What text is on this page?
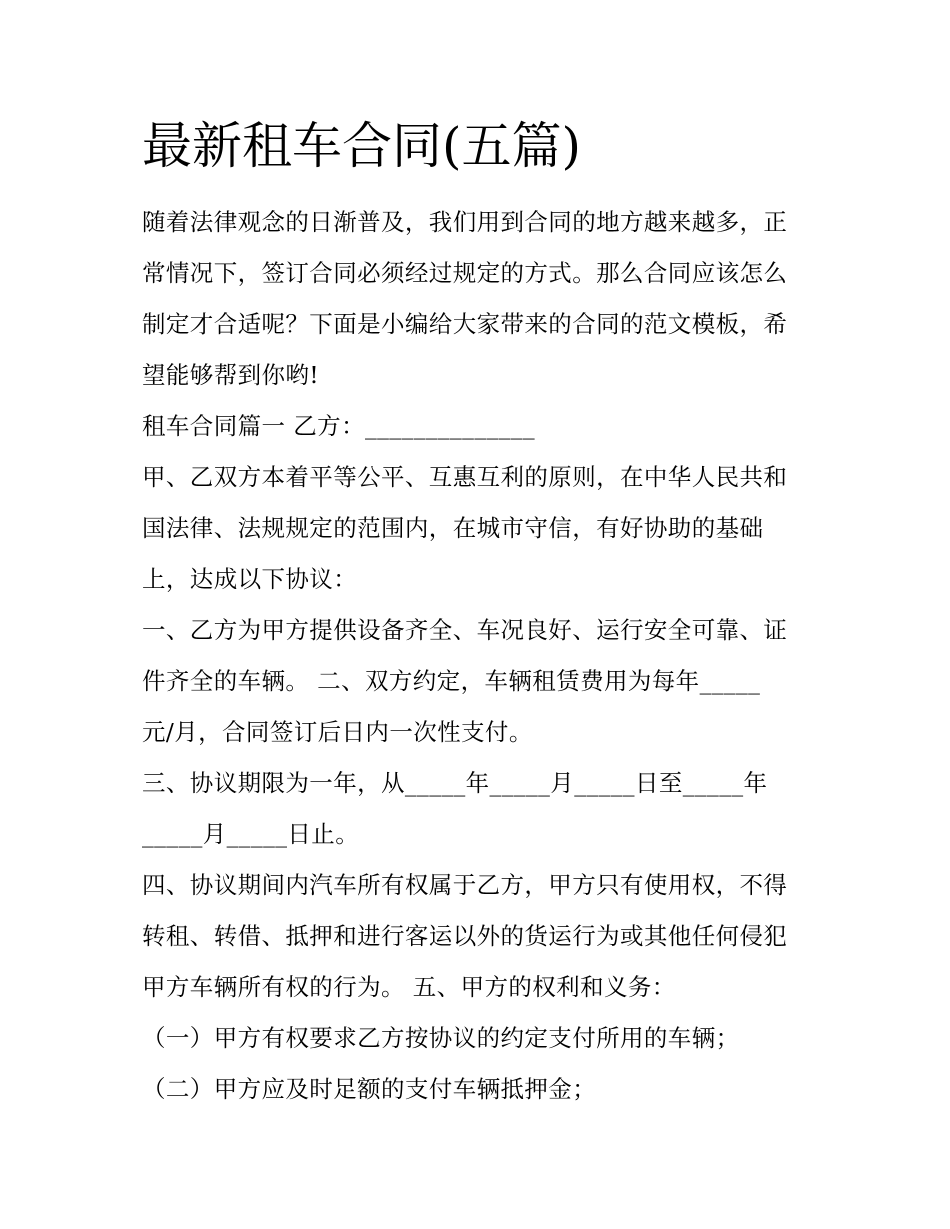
最新租车合同(五篇)
随着法律观念的日渐普及，我们用到合同的地方越来越多，正
常情况下，签订合同必须经过规定的方式。那么合同应该怎么
制定才合适呢？下面是小编给大家带来的合同的范文模板，希
望能够帮到你哟!
租车合同篇一 乙方：______________
甲、乙双方本着平等公平、互惠互利的原则，在中华人民共和
国法律、法规规定的范围内，在城市守信，有好协助的基础
上，达成以下协议：
一、乙方为甲方提供设备齐全、车况良好、运行安全可靠、证
件齐全的车辆。 二、双方约定，车辆租赁费用为每年_____
元/月，合同签订后日内一次性支付。
三、协议期限为一年，从_____年_____月_____日至_____年
_____月_____日止。
四、协议期间内汽车所有权属于乙方，甲方只有使用权，不得
转租、转借、抵押和进行客运以外的货运行为或其他任何侵犯
甲方车辆所有权的行为。 五、甲方的权利和义务：
（一）甲方有权要求乙方按协议的约定支付所用的车辆；
（二）甲方应及时足额的支付车辆抵押金；
